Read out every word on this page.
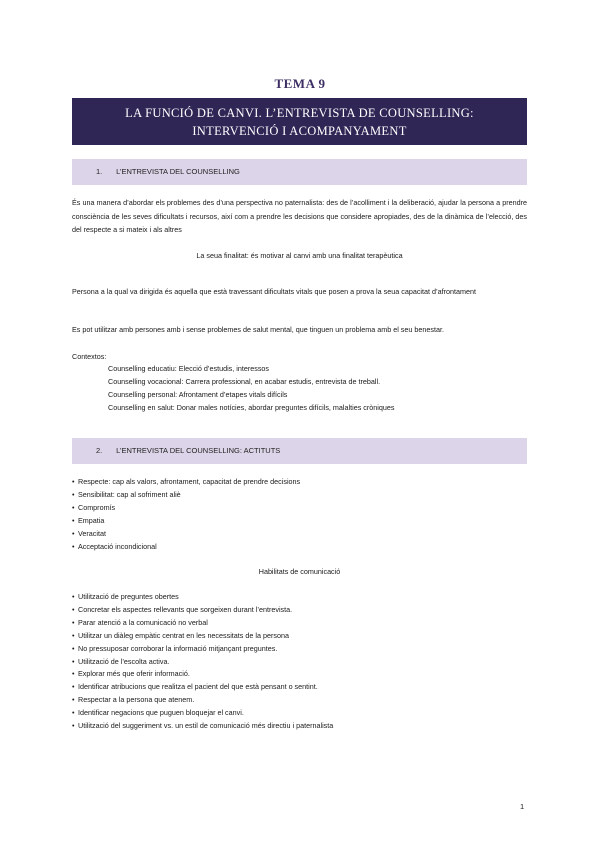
TEMA 9
LA FUNCIÓ DE CANVI. L’ENTREVISTA DE COUNSELLING:
INTERVENCIÓ I ACOMPANYAMENT
1. L’ENTREVISTA DEL COUNSELLING

És una manera d’abordar els problemes des d’una perspectiva no paternalista: des de l’acolliment i la deliberació, ajudar la persona a prendre consciència de les seves dificultats i recursos, així com a prendre les decisions que considere apropiades, des de la dinàmica de l’elecció, des del respecte a si mateix i als altres

La seua finalitat: és motivar al canvi amb una finalitat terapèutica

Persona a la qual va dirigida és aquella que està travessant dificultats vitals que posen a prova la seua capacitat d’afrontament

Es pot utilitzar amb persones amb i sense problemes de salut mental, que tinguen un problema amb el seu benestar.

Contextos:
Counselling educatiu: Elecció d’estudis, interessos
Counselling vocacional: Carrera professional, en acabar estudis, entrevista de treball.
Counselling personal: Afrontament d’etapes vitals difícils
Counselling en salut: Donar males notícies, abordar preguntes difícils, malalties cròniques
2. L’ENTREVISTA DEL COUNSELLING: ACTITUTS
• Respecte: cap als valors, afrontament, capacitat de prendre decisions
• Sensibilitat: cap al sofriment aliè
• Compromís
• Empatia
• Veracitat
• Acceptació incondicional
Habilitats de comunicació
• Utilització de preguntes obertes
• Concretar els aspectes rellevants que sorgeixen durant l’entrevista.
• Parar atenció a la comunicació no verbal
• Utilitzar un diàleg empàtic centrat en les necessitats de la persona
• No pressuposar corroborar la informació mitjançant preguntes.
• Utilització de l’escolta activa.
• Explorar més que oferir informació.
• Identificar atribucions que realitza el pacient del que està pensant o sentint.
• Respectar a la persona que atenem.
• Identificar negacions que puguen bloquejar el canvi.
• Utilització del suggeriment vs. un estil de comunicació més directiu i paternalista
1
